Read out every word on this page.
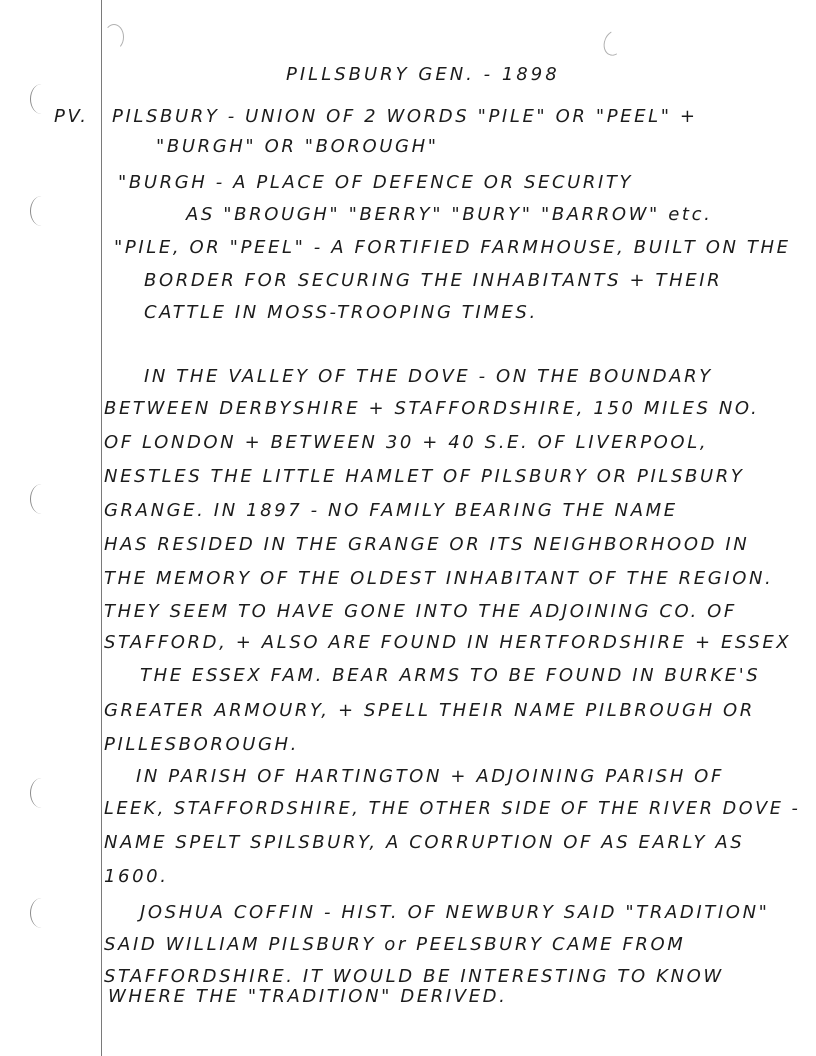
PILLSBURY GEN. - 1898
PV. PILSBURY - UNION OF 2 WORDS "PILE" OR "PEEL" +
"BURGH" OR "BOROUGH"
"BURGH - A PLACE OF DEFENCE OR SECURITY
AS "BROUGH" "BERRY" "BURY" "BARROW" etc.
"PILE, OR "PEEL" - A FORTIFIED FARMHOUSE, BUILT ON THE
BORDER FOR SECURING THE INHABITANTS + THEIR
CATTLE IN MOSS-TROOPING TIMES.
IN THE VALLEY OF THE DOVE - ON THE BOUNDARY
BETWEEN DERBYSHIRE + STAFFORDSHIRE, 150 MILES NO.
OF LONDON + BETWEEN 30 + 40 S.E. OF LIVERPOOL,
NESTLES THE LITTLE HAMLET OF PILSBURY OR PILSBURY
GRANGE. IN 1897 - NO FAMILY BEARING THE NAME
HAS RESIDED IN THE GRANGE OR ITS NEIGHBORHOOD IN
THE MEMORY OF THE OLDEST INHABITANT OF THE REGION.
THEY SEEM TO HAVE GONE INTO THE ADJOINING CO. OF
STAFFORD, + ALSO ARE FOUND IN HERTFORDSHIRE + ESSEX
THE ESSEX FAM. BEAR ARMS TO BE FOUND IN BURKE'S
GREATER ARMOURY, + SPELL THEIR NAME PILBROUGH OR
PILLESBOROUGH.
IN PARISH OF HARTINGTON + ADJOINING PARISH OF
LEEK, STAFFORDSHIRE, THE OTHER SIDE OF THE RIVER DOVE -
NAME SPELT SPILSBURY, A CORRUPTION OF AS EARLY AS
1600.
JOSHUA COFFIN - HIST. OF NEWBURY SAID "TRADITION"
SAID WILLIAM PILSBURY or PEELSBURY CAME FROM
STAFFORDSHIRE. IT WOULD BE INTERESTING TO KNOW
WHERE THE "TRADITION" DERIVED.
